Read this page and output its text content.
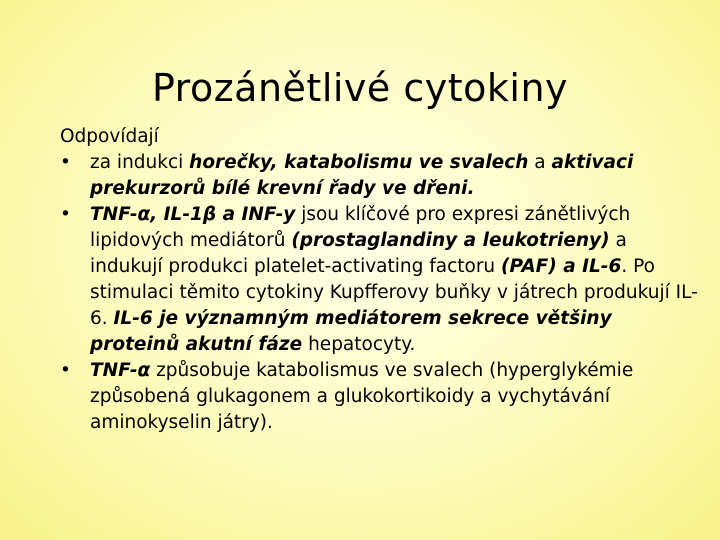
Prozánětlivé cytokiny

Odpovídají

• za indukci horečky, katabolismu ve svalech a aktivaci prekurzorů bílé krevní řady ve dřeni.
• TNF-α, IL-1β a INF-y jsou klíčové pro expresi zánětlivých lipidových mediátorů (prostaglandiny a leukotrieny) a indukují produkci platelet-activating factoru (PAF) a IL-6. Po stimulaci těmito cytokiny Kupfferovy buňky v játrech produkují IL-6. IL-6 je významným mediátorem sekrece většiny proteinů akutní fáze hepatocyty.
• TNF-α způsobuje katabolismus ve svalech (hyperglykémie způsobená glukagonem a glukokortikoidy a vychytávání aminokyselin játry).
